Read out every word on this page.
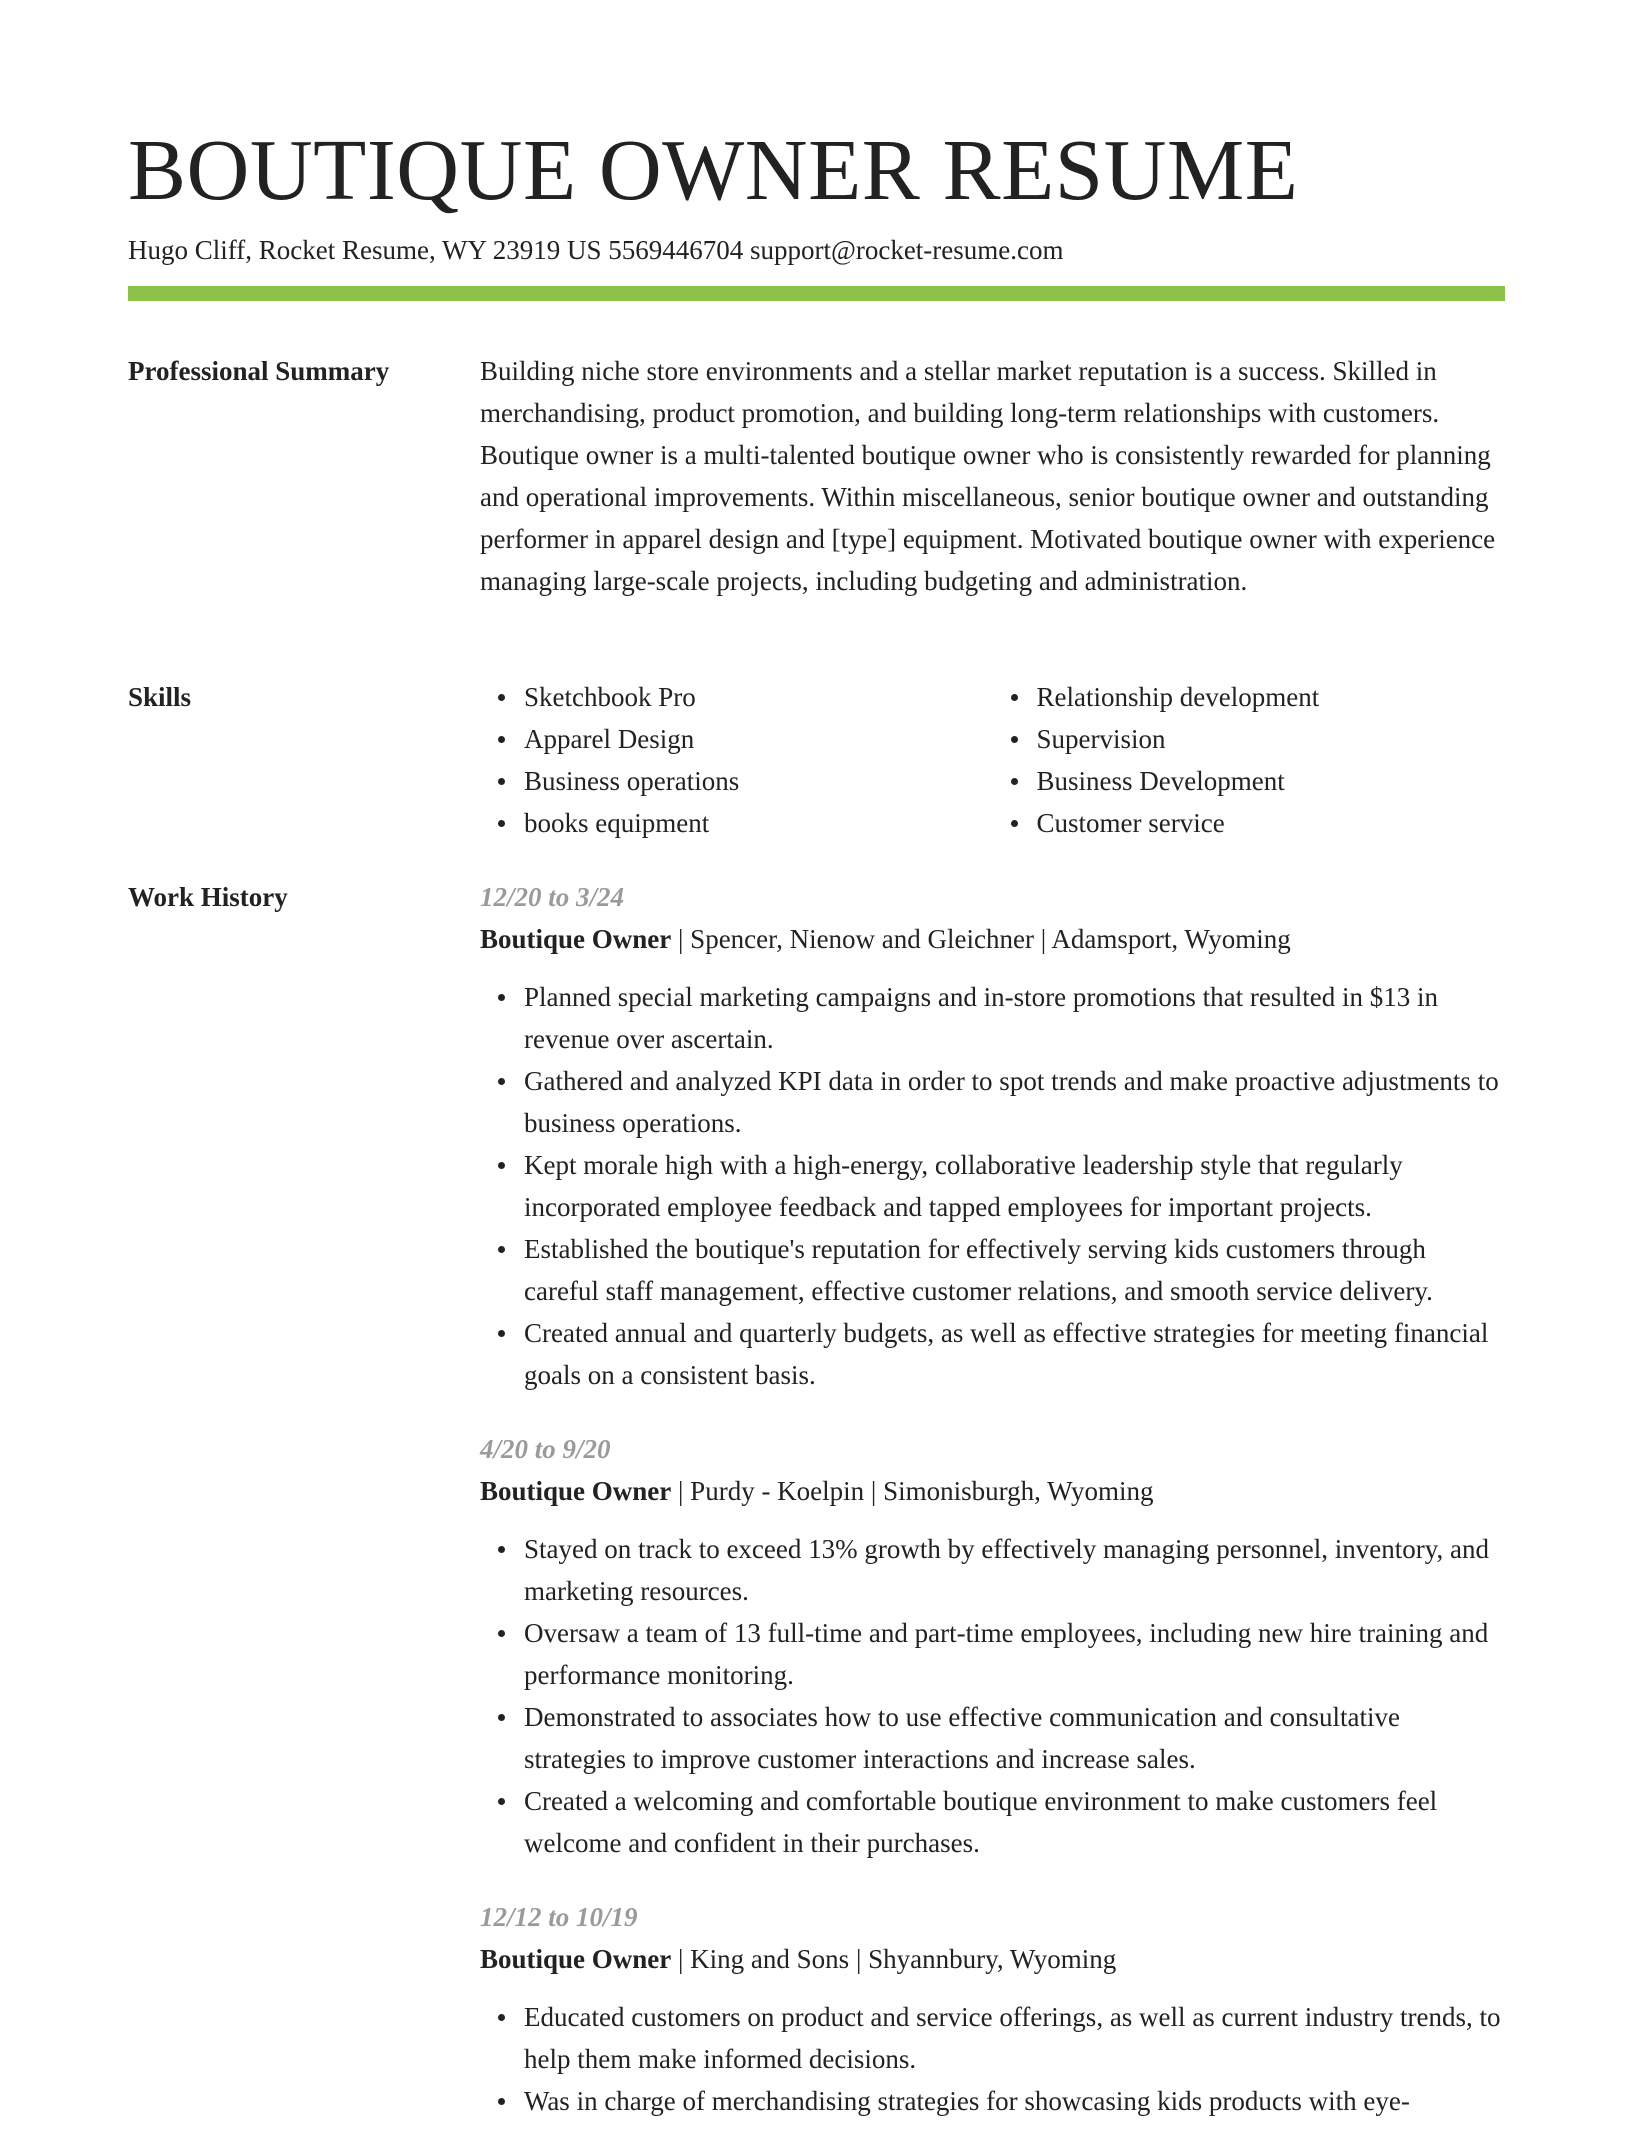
BOUTIQUE OWNER RESUME
Hugo Cliff, Rocket Resume, WY 23919 US 5569446704 support@rocket-resume.com
Professional Summary	Building niche store environments and a stellar market reputation is a success. Skilled in merchandising, product promotion, and building long-term relationships with customers. Boutique owner is a multi-talented boutique owner who is consistently rewarded for planning and operational improvements. Within miscellaneous, senior boutique owner and outstanding performer in apparel design and [type] equipment. Motivated boutique owner with experience managing large-scale projects, including budgeting and administration.

Skills	Sketchbook Pro
Apparel Design
Business operations
books equipment
Relationship development
Supervision
Business Development
Customer service
Work History	12/20 to 3/24
Boutique Owner | Spencer, Nienow and Gleichner | Adamsport, Wyoming
Planned special marketing campaigns and in-store promotions that resulted in $13 in revenue over ascertain.
Gathered and analyzed KPI data in order to spot trends and make proactive adjustments to business operations.
Kept morale high with a high-energy, collaborative leadership style that regularly incorporated employee feedback and tapped employees for important projects.
Established the boutique's reputation for effectively serving kids customers through careful staff management, effective customer relations, and smooth service delivery.
Created annual and quarterly budgets, as well as effective strategies for meeting financial goals on a consistent basis.
4/20 to 9/20
Boutique Owner | Purdy - Koelpin | Simonisburgh, Wyoming
Stayed on track to exceed 13% growth by effectively managing personnel, inventory, and marketing resources.
Oversaw a team of 13 full-time and part-time employees, including new hire training and performance monitoring.
Demonstrated to associates how to use effective communication and consultative strategies to improve customer interactions and increase sales.
Created a welcoming and comfortable boutique environment to make customers feel welcome and confident in their purchases.
12/12 to 10/19
Boutique Owner | King and Sons | Shyannbury, Wyoming
Educated customers on product and service offerings, as well as current industry trends, to help them make informed decisions.
Was in charge of merchandising strategies for showcasing kids products with eye-
